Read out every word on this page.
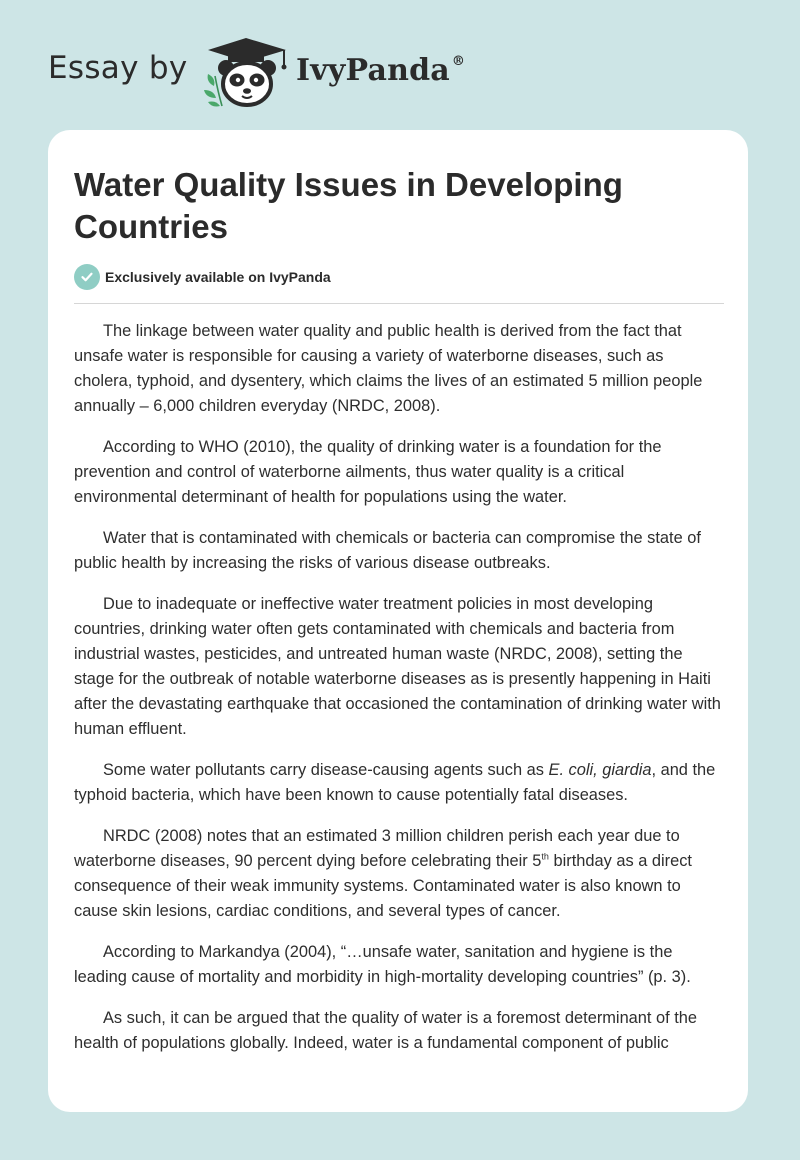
Essay by	IvyPanda ®
Water Quality Issues in Developing Countries
Exclusively available on IvyPanda

The linkage between water quality and public health is derived from the fact that unsafe water is responsible for causing a variety of waterborne diseases, such as cholera, typhoid, and dysentery, which claims the lives of an estimated 5 million people annually – 6,000 children everyday (NRDC, 2008).

According to WHO (2010), the quality of drinking water is a foundation for the prevention and control of waterborne ailments, thus water quality is a critical environmental determinant of health for populations using the water.

Water that is contaminated with chemicals or bacteria can compromise the state of public health by increasing the risks of various disease outbreaks.

Due to inadequate or ineffective water treatment policies in most developing countries, drinking water often gets contaminated with chemicals and bacteria from industrial wastes, pesticides, and untreated human waste (NRDC, 2008), setting the stage for the outbreak of notable waterborne diseases as is presently happening in Haiti after the devastating earthquake that occasioned the contamination of drinking water with human effluent.

Some water pollutants carry disease-causing agents such as E. coli, giardia, and the typhoid bacteria, which have been known to cause potentially fatal diseases.

NRDC (2008) notes that an estimated 3 million children perish each year due to waterborne diseases, 90 percent dying before celebrating their 5th birthday as a direct consequence of their weak immunity systems. Contaminated water is also known to cause skin lesions, cardiac conditions, and several types of cancer.

According to Markandya (2004), “…unsafe water, sanitation and hygiene is the leading cause of mortality and morbidity in high-mortality developing countries” (p. 3).

As such, it can be argued that the quality of water is a foremost determinant of the health of populations globally. Indeed, water is a fundamental component of public
